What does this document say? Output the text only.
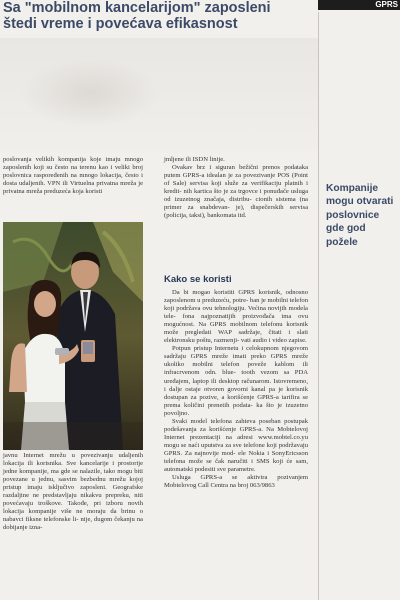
Sa "mobilnom kancelarijom" zaposleni štedi vreme i povećava efikasnost
GPRS

poslovanja velikih kompanija koje imaju mnogo zaposlenih koji su često na terenu kao i veliki broj poslovnica raspoređenih na mnogo lokacija, često i dosta udaljenih. VPN ili Virtuelna privatna mreža je privatna mreža preduzeća koja koristi

javnu Internet mrežu u povezivanju udaljenih lokacija ili korisnika. Sve kancelarije i prostorije jedne kompanije, ma gde se nalazile, tako mogu biti povezane u jednu, sasvim bezbednu mrežu kojoj pristup imaju isključivo zaposleni. Geografske razdaljine ne predstavljaju nikakvu prepreku, niti povećavaju troškove. Takođe, pri izboru novih lokacija kompanije više ne moraju da brinu o nabavci fiksne telefonske li- nije, dugom čekanju na dobijanje izna-

jmljene ili ISDN linije.

Ovakav brz i siguran bežični prenos podataka putem GPRS-a idealan je za povezivanje POS (Point of Sale) servisa koji služe za verifikaciju platnih i kredit- nih kartica što je za trgovce i ponuđače usluga od izuzetnog značaja, distribu- cionih sistema (na primer za snabdevan- je), dispečerskih servisa (policija, taksi), bankomata itd.

Kako se koristi

Da bi mogao koristiti GPRS korisnik, odnosno zaposlenom u preduzeću, potre- ban je mobilni telefon koji podržava ovu tehnologiju. Većina novijih modela tele- fona najpoznatijih proizvođača ima ovu mogućnost. Na GPRS mobilnom telefonu korisnik može pregledati WAP sadržaje, čitati i slati elektronsku poštu, razmenji- vati audio i video zapise.

Potpun pristup Internetu i celokupnom njegovom sadržaju GPRS mreže imati preko GPRS mreže ukoliko mobilni telefon poveže kablom ili infracrvenom odn. blue- tooth vezom sa PDA uređajem, laptop ili desktop računarom. Istovremeno, i dalje ostaje otvoren govorni kanal pa je korisnik dostupan za pozive, a korišćenje GPRS-a tarifira se prema količini prenetih podata- ka što je izuzetno povoljno.

Svaki model telefona zahteva poseban postupak podešavanja za korišćenje GPRS-a. Na Mobtelovoj Internet prezentaciji na adresi www.mobtel.co.yu mogu se naći uputstva za sve telefone koji podržavaju GPRS. Za najnovije mod- ele Nokia i SonyEricsson telefona može se čak naručiti i SMS koji će sam, automatski podesiti sve parametre.

Usluga GPRS-a se aktivira pozivanjem Mobtelovog Call Centra na broj 063/9863

Kompanije mogu otvarati poslovnice gde god požele
